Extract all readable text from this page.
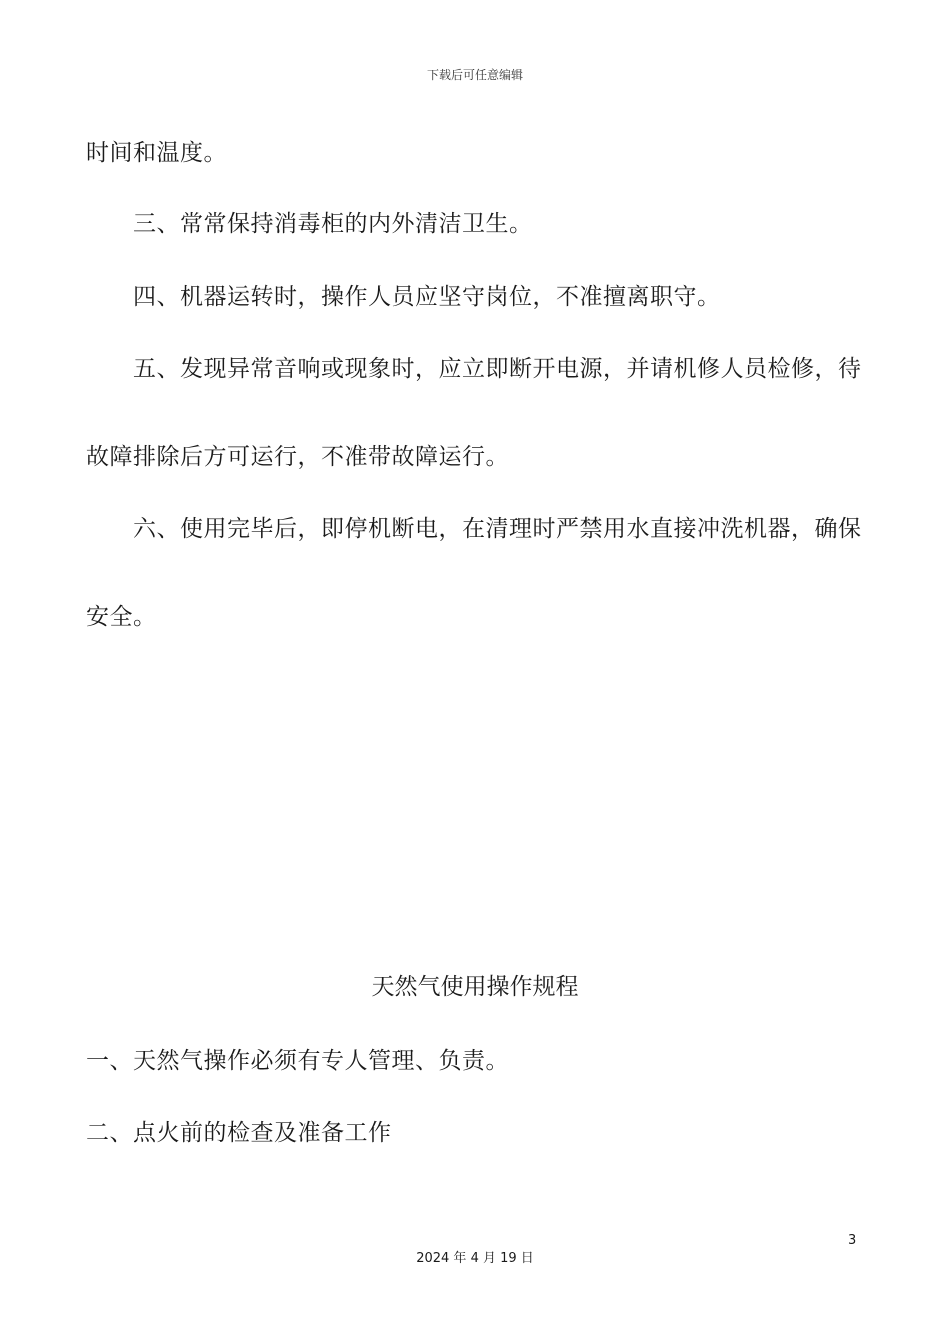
下载后可任意编辑
时间和温度。
三、常常保持消毒柜的内外清洁卫生。
四、机器运转时，操作人员应坚守岗位，不准擅离职守。
五、发现异常音响或现象时，应立即断开电源，并请机修人员检修，待
故障排除后方可运行，不准带故障运行。
六、使用完毕后，即停机断电，在清理时严禁用水直接冲洗机器，确保
安全。
天然气使用操作规程
一、天然气操作必须有专人管理、负责。
二、点火前的检查及准备工作
3
2024 年 4 月 19 日
